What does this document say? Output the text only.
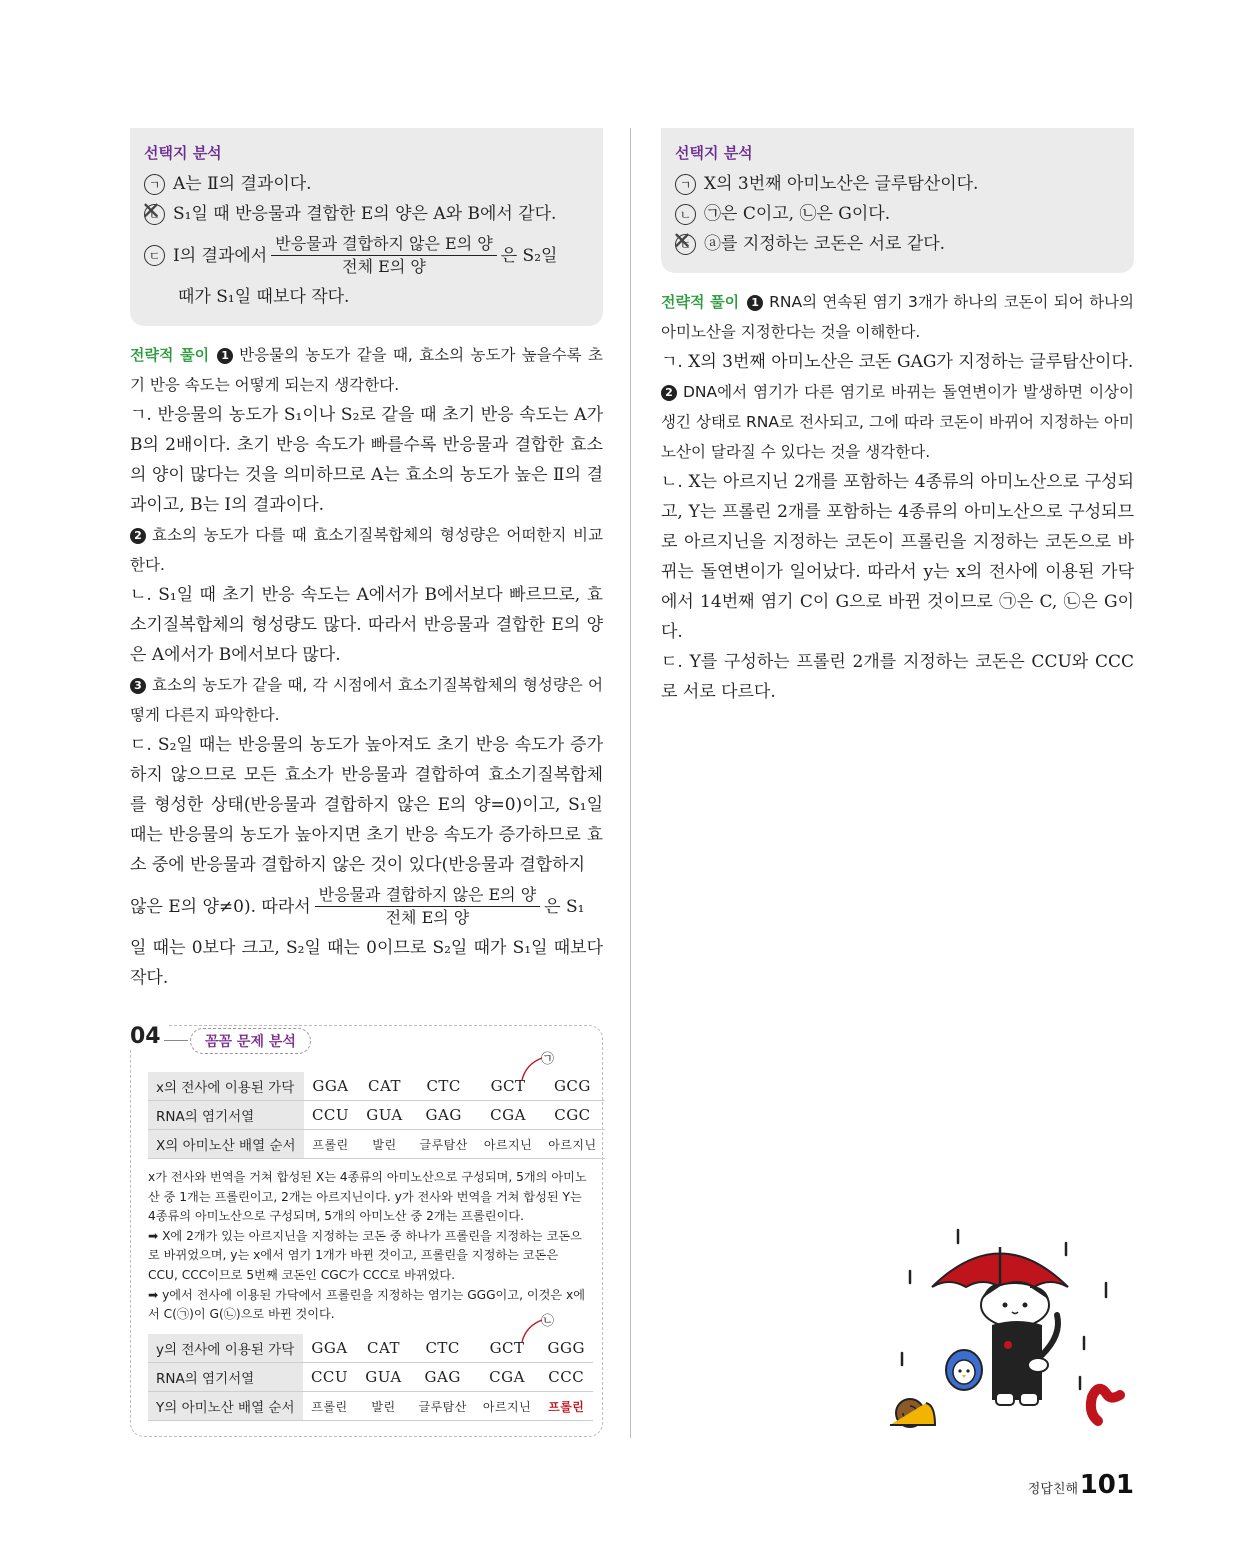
선택지 분석
ㄱ A는 Ⅱ의 결과이다.
ㄴ ✕ S₁일 때 반응물과 결합한 E의 양은 A와 B에서 같다.
ㄷ Ⅰ의 결과에서 $\frac{\text{반응물과 결합하지 않은 E의 양}}{\text{전체 E의 양}}$ 은 S₂일
때가 S₁일 때보다 작다.

전략적 풀이 1 반응물의 농도가 같을 때, 효소의 농도가 높을수록 초기 반응 속도는 어떻게 되는지 생각한다.

ㄱ. 반응물의 농도가 S₁이나 S₂로 같을 때 초기 반응 속도는 A가 B의 2배이다. 초기 반응 속도가 빠를수록 반응물과 결합한 효소의 양이 많다는 것을 의미하므로 A는 효소의 농도가 높은 Ⅱ의 결과이고, B는 Ⅰ의 결과이다.

2 효소의 농도가 다를 때 효소기질복합체의 형성량은 어떠한지 비교한다.

ㄴ. S₁일 때 초기 반응 속도는 A에서가 B에서보다 빠르므로, 효소기질복합체의 형성량도 많다. 따라서 반응물과 결합한 E의 양은 A에서가 B에서보다 많다.

3 효소의 농도가 같을 때, 각 시점에서 효소기질복합체의 형성량은 어떻게 다른지 파악한다.

ㄷ. S₂일 때는 반응물의 농도가 높아져도 초기 반응 속도가 증가하지 않으므로 모든 효소가 반응물과 결합하여 효소기질복합체를 형성한 상태(반응물과 결합하지 않은 E의 양=0)이고, S₁일 때는 반응물의 농도가 높아지면 초기 반응 속도가 증가하므로 효소 중에 반응물과 결합하지 않은 것이 있다(반응물과 결합하지

않은 E의 양≠0). 따라서 $\frac{\text{반응물과 결합하지 않은 E의 양}}{\text{전체 E의 양}}$ 은 S₁

일 때는 0보다 크고, S₂일 때는 0이므로 S₂일 때가 S₁일 때보다 작다.

04	꼼꼼 문제 분석
㉠
x의 전사에 이용된 가닥	GGA	CAT	CTC	GCT	GCG
RNA의 염기서열	CCU	GUA	GAG	CGA	CGC
X의 아미노산 배열 순서	프롤린	발린	글루탐산	아르지닌	아르지닌

x가 전사와 번역을 거쳐 합성된 X는 4종류의 아미노산으로 구성되며, 5개의 아미노산 중 1개는 프롤린이고, 2개는 아르지닌이다. y가 전사와 번역을 거쳐 합성된 Y는 4종류의 아미노산으로 구성되며, 5개의 아미노산 중 2개는 프롤린이다.

➡ X에 2개가 있는 아르지닌을 지정하는 코돈 중 하나가 프롤린을 지정하는 코돈으로 바뀌었으며, y는 x에서 염기 1개가 바뀐 것이고, 프롤린을 지정하는 코돈은 CCU, CCC이므로 5번째 코돈인 CGC가 CCC로 바뀌었다.

➡ y에서 전사에 이용된 가닥에서 프롤린을 지정하는 염기는 GGG이고, 이것은 x에서 C(㉠)이 G(㉡)으로 바뀐 것이다.	㉡
y의 전사에 이용된 가닥	GGA	CAT	CTC	GCT	GGG
RNA의 염기서열	CCU	GUA	GAG	CGA	CCC
Y의 아미노산 배열 순서	프롤린	발린	글루탐산	아르지닌	프롤린
선택지 분석
ㄱ X의 3번째 아미노산은 글루탐산이다.
ㄴ ㉠은 C이고, ㉡은 G이다.
ㄷ ✕ ⓐ를 지정하는 코돈은 서로 같다.

전략적 풀이 1 RNA의 연속된 염기 3개가 하나의 코돈이 되어 하나의 아미노산을 지정한다는 것을 이해한다.

ㄱ. X의 3번째 아미노산은 코돈 GAG가 지정하는 글루탐산이다.

2 DNA에서 염기가 다른 염기로 바뀌는 돌연변이가 발생하면 이상이 생긴 상태로 RNA로 전사되고, 그에 따라 코돈이 바뀌어 지정하는 아미노산이 달라질 수 있다는 것을 생각한다.

ㄴ. X는 아르지닌 2개를 포함하는 4종류의 아미노산으로 구성되고, Y는 프롤린 2개를 포함하는 4종류의 아미노산으로 구성되므로 아르지닌을 지정하는 코돈이 프롤린을 지정하는 코돈으로 바뀌는 돌연변이가 일어났다. 따라서 y는 x의 전사에 이용된 가닥에서 14번째 염기 C이 G으로 바뀐 것이므로 ㉠은 C, ㉡은 G이다.

ㄷ. Y를 구성하는 프롤린 2개를 지정하는 코돈은 CCU와 CCC로 서로 다르다.

정답친해 101
